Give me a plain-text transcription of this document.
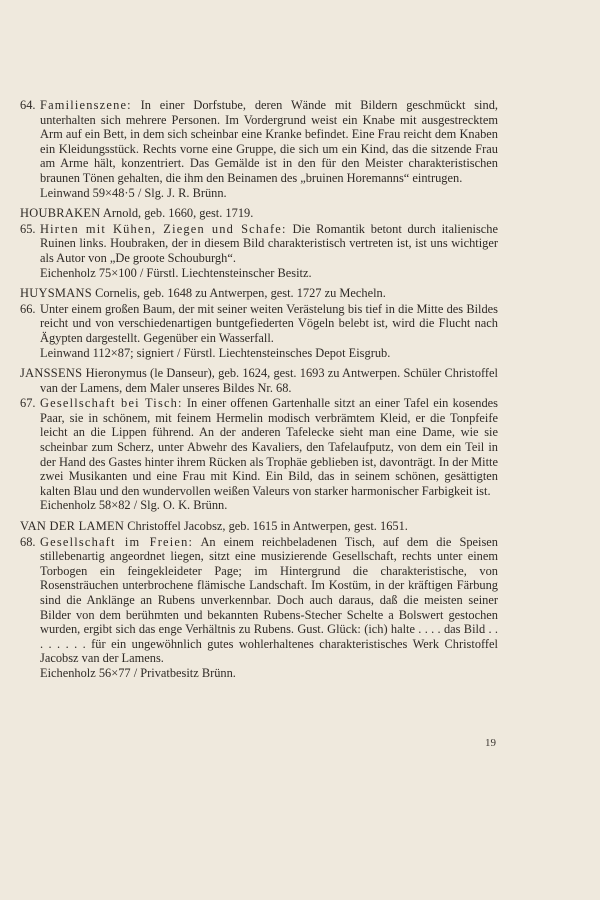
64. Familienszene: In einer Dorfstube, deren Wände mit Bildern geschmückt sind, unterhalten sich mehrere Personen. Im Vordergrund weist ein Knabe mit ausgestrecktem Arm auf ein Bett, in dem sich scheinbar eine Kranke befindet. Eine Frau reicht dem Knaben ein Kleidungsstück. Rechts vorne eine Gruppe, die sich um ein Kind, das die sitzende Frau am Arme hält, konzentriert. Das Gemälde ist in den für den Meister charakteristischen braunen Tönen gehalten, die ihm den Beinamen des „bruinen Horemanns“ eintrugen.
Leinwand 59×48·5 / Slg. J. R. Brünn.
HOUBRAKEN Arnold, geb. 1660, gest. 1719.
65. Hirten mit Kühen, Ziegen und Schafe: Die Romantik betont durch italienische Ruinen links. Houbraken, der in diesem Bild charakteristisch vertreten ist, ist uns wichtiger als Autor von „De groote Schouburgh“.
Eichenholz 75×100 / Fürstl. Liechtensteinscher Besitz.
HUYSMANS Cornelis, geb. 1648 zu Antwerpen, gest. 1727 zu Mecheln.
66. Unter einem großen Baum, der mit seiner weiten Verästelung bis tief in die Mitte des Bildes reicht und von verschiedenartigen buntgefiederten Vögeln belebt ist, wird die Flucht nach Ägypten dargestellt. Gegenüber ein Wasserfall.
Leinwand 112×87; signiert / Fürstl. Liechtensteinsches Depot Eisgrub.
JANSSENS Hieronymus (le Danseur), geb. 1624, gest. 1693 zu Antwerpen. Schüler Christoffel van der Lamens, dem Maler unseres Bildes Nr. 68.
67. Gesellschaft bei Tisch: In einer offenen Gartenhalle sitzt an einer Tafel ein kosendes Paar, sie in schönem, mit feinem Hermelin modisch verbrämtem Kleid, er die Tonpfeife leicht an die Lippen führend. An der anderen Tafelecke sieht man eine Dame, wie sie scheinbar zum Scherz, unter Abwehr des Kavaliers, den Tafelaufputz, von dem ein Teil in der Hand des Gastes hinter ihrem Rücken als Trophäe geblieben ist, davonträgt. In der Mitte zwei Musikanten und eine Frau mit Kind. Ein Bild, das in seinem schönen, gesättigten kalten Blau und den wundervollen weißen Valeurs von starker harmonischer Farbigkeit ist.
Eichenholz 58×82 / Slg. O. K. Brünn.
VAN DER LAMEN Christoffel Jacobsz, geb. 1615 in Antwerpen, gest. 1651.
68. Gesellschaft im Freien: An einem reichbeladenen Tisch, auf dem die Speisen stillebenartig angeordnet liegen, sitzt eine musizierende Gesellschaft, rechts unter einem Torbogen ein feingekleideter Page; im Hintergrund die charakteristische, von Rosensträuchen unterbrochene flämische Landschaft. Im Kostüm, in der kräftigen Färbung sind die Anklänge an Rubens unverkennbar. Doch auch daraus, daß die meisten seiner Bilder von dem berühmten und bekannten Rubens-Stecher Schelte a Bolswert gestochen wurden, ergibt sich das enge Verhältnis zu Rubens. Gust. Glück: (ich) halte . . . . das Bild . . . . . . . . für ein ungewöhnlich gutes wohlerhaltenes charakteristisches Werk Christoffel Jacobsz van der Lamens.
Eichenholz 56×77 / Privatbesitz Brünn.
19
